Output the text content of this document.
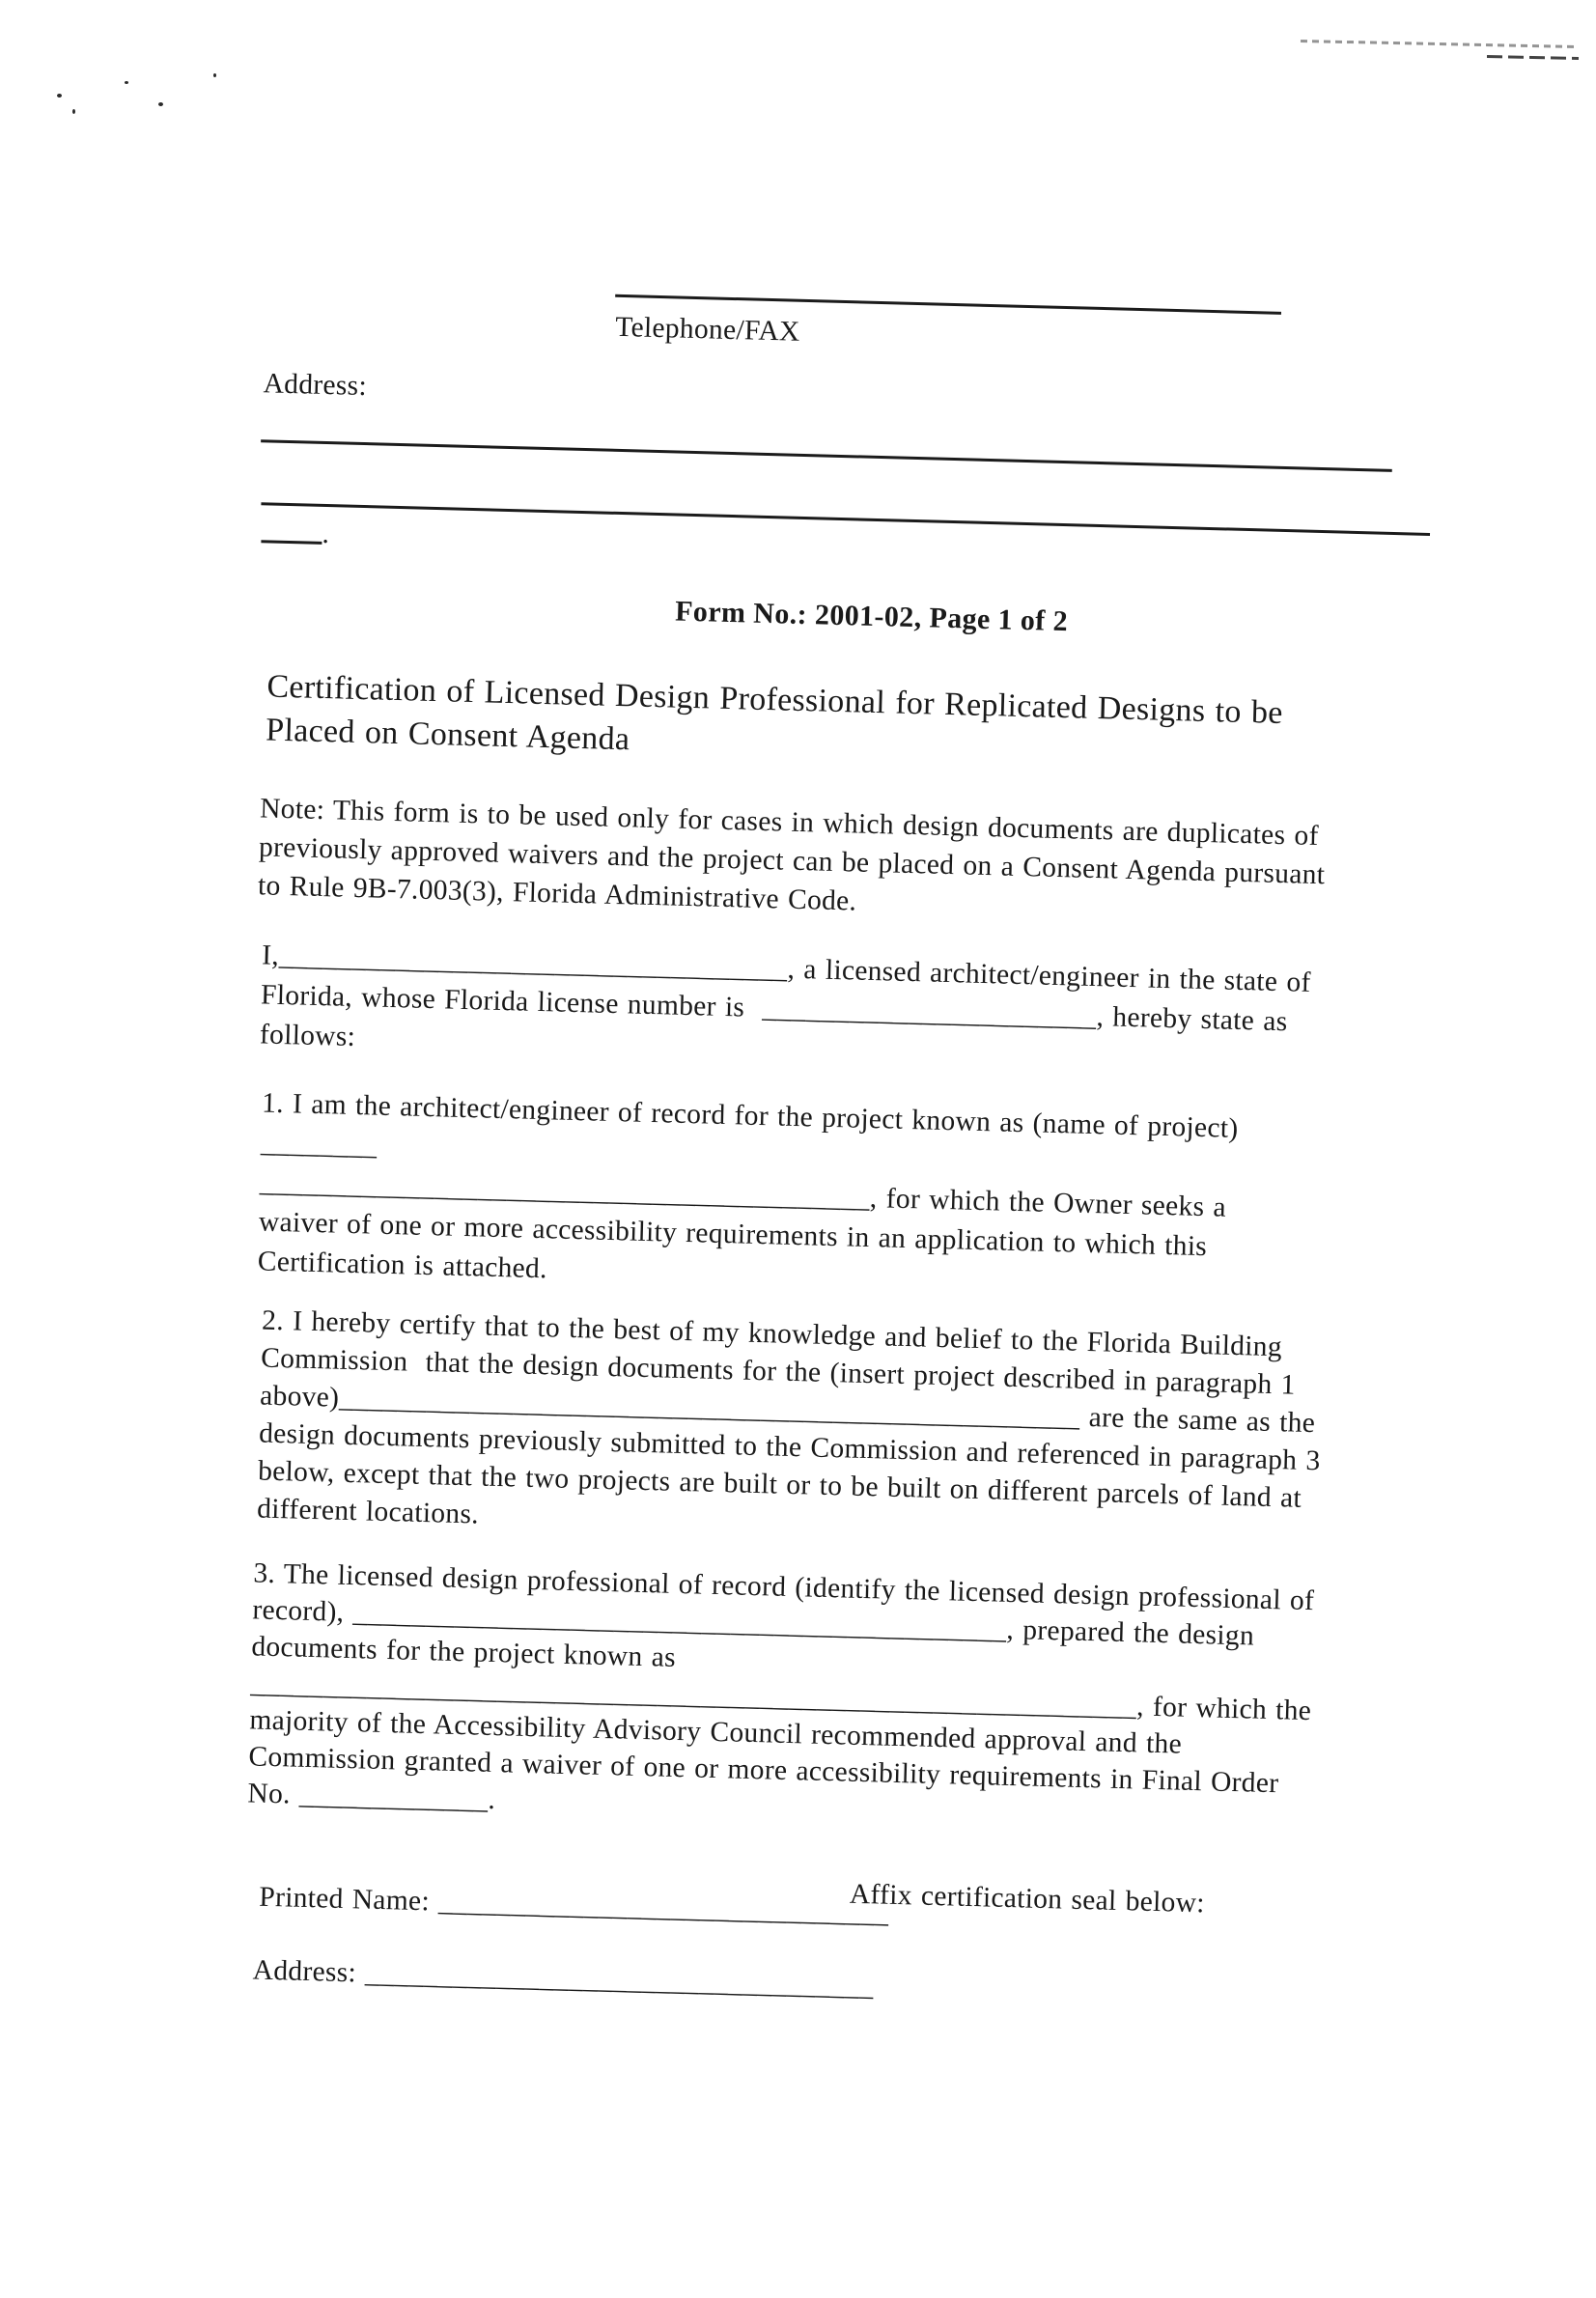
Telephone/FAX
Address:
.
Form No.: 2001-02, Page 1 of 2
Certification of Licensed Design Professional for Replicated Designs to be
Placed on Consent Agenda
Note: This form is to be used only for cases in which design documents are duplicates of
previously approved waivers and the project can be placed on a Consent Agenda pursuant
to Rule 9B-7.003(3), Florida Administrative Code.
I,___________________________________, a licensed architect/engineer in the state of
Florida, whose Florida license number is  _______________________, hereby state as
follows:
1. I am the architect/engineer of record for the project known as (name of project)
________
__________________________________________, for which the Owner seeks a
waiver of one or more accessibility requirements in an application to which this
Certification is attached.
2. I hereby certify that to the best of my knowledge and belief to the Florida Building
Commission  that the design documents for the (insert project described in paragraph 1
above)___________________________________________________ are the same as the
design documents previously submitted to the Commission and referenced in paragraph 3
below, except that the two projects are built or to be built on different parcels of land at
different locations.
3. The licensed design professional of record (identify the licensed design professional of
record), _____________________________________________, prepared the design
documents for the project known as
_____________________________________________________________, for which the
majority of the Accessibility Advisory Council recommended approval and the
Commission granted a waiver of one or more accessibility requirements in Final Order
No. _____________.

Printed Name: _______________________________

Affix certification seal below:

Address: ___________________________________
